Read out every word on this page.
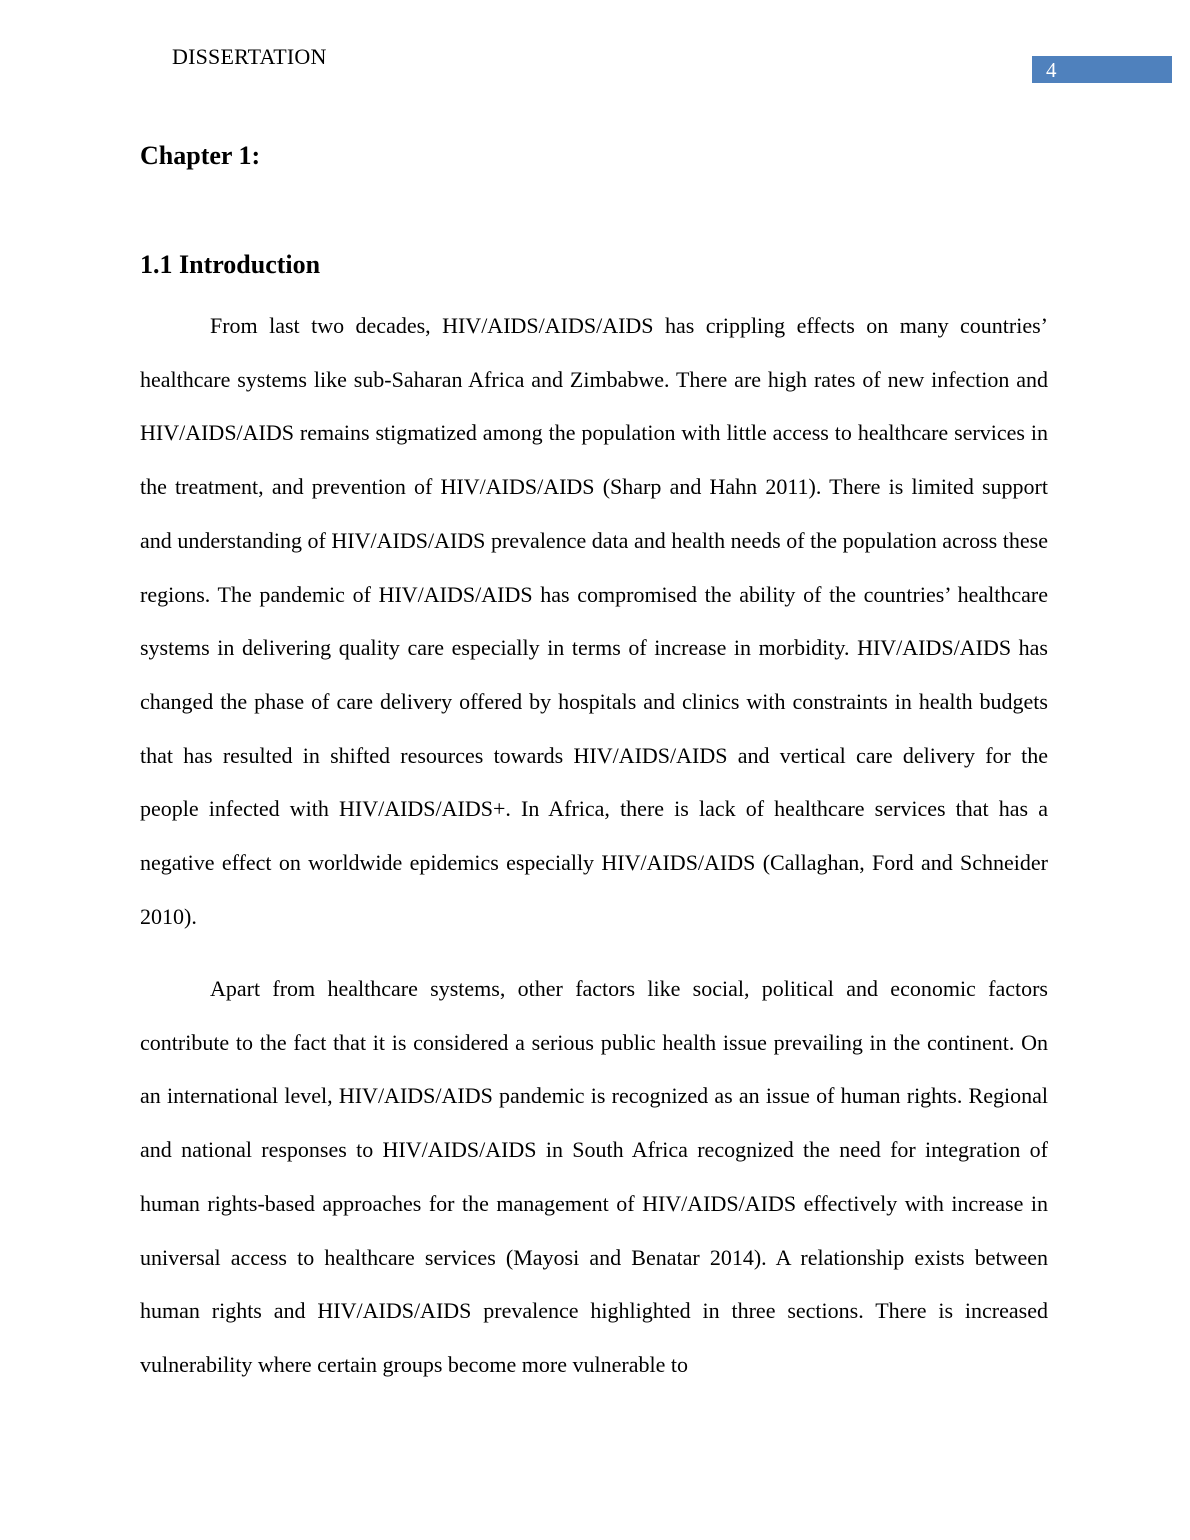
DISSERTATION
4
Chapter 1:
1.1 Introduction

From last two decades, HIV/AIDS/AIDS/AIDS has crippling effects on many countries’ healthcare systems like sub-Saharan Africa and Zimbabwe. There are high rates of new infection and HIV/AIDS/AIDS remains stigmatized among the population with little access to healthcare services in the treatment, and prevention of HIV/AIDS/AIDS (Sharp and Hahn 2011). There is limited support and understanding of HIV/AIDS/AIDS prevalence data and health needs of the population across these regions. The pandemic of HIV/AIDS/AIDS has compromised the ability of the countries’ healthcare systems in delivering quality care especially in terms of increase in morbidity. HIV/AIDS/AIDS has changed the phase of care delivery offered by hospitals and clinics with constraints in health budgets that has resulted in shifted resources towards HIV/AIDS/AIDS and vertical care delivery for the people infected with HIV/AIDS/AIDS+. In Africa, there is lack of healthcare services that has a negative effect on worldwide epidemics especially HIV/AIDS/AIDS (Callaghan, Ford and Schneider 2010).

Apart from healthcare systems, other factors like social, political and economic factors contribute to the fact that it is considered a serious public health issue prevailing in the continent. On an international level, HIV/AIDS/AIDS pandemic is recognized as an issue of human rights. Regional and national responses to HIV/AIDS/AIDS in South Africa recognized the need for integration of human rights-based approaches for the management of HIV/AIDS/AIDS effectively with increase in universal access to healthcare services (Mayosi and Benatar 2014). A relationship exists between human rights and HIV/AIDS/AIDS prevalence highlighted in three sections. There is increased vulnerability where certain groups become more vulnerable to
